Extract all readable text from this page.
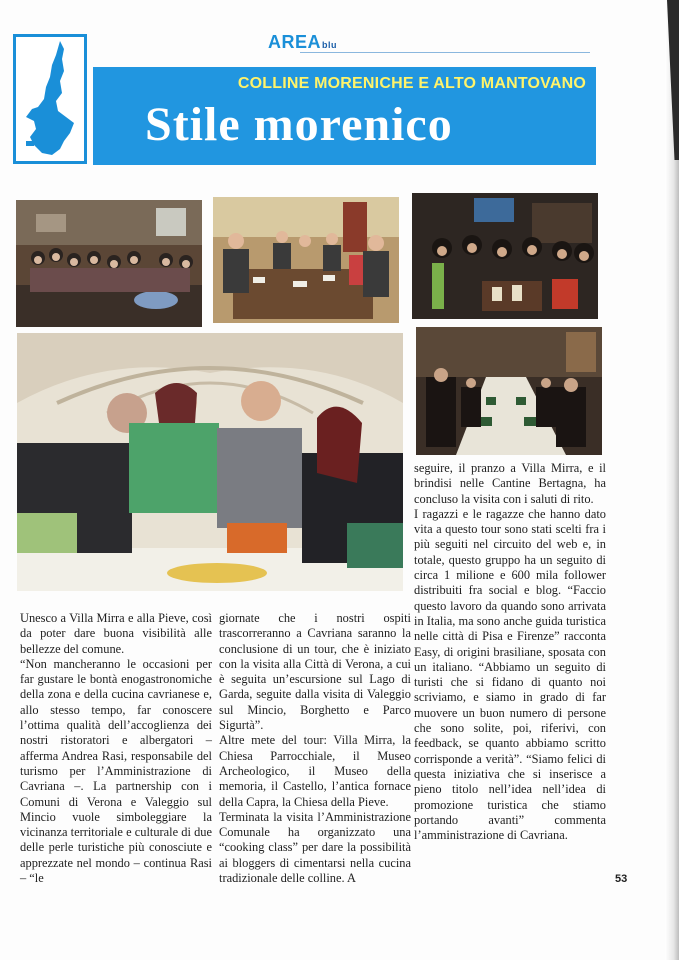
AREAblu
COLLINE MORENICHE E ALTO MANTOVANO
Stile morenico

Unesco a Villa Mirra e alla Pieve, così da poter dare buona visibilità alle bellezze del comune.

“Non mancheranno le occasioni per far gustare le bontà enogastronomiche della zona e della cucina cavrianese e, allo stesso tempo, far conoscere l’ottima qualità dell’accoglienza dei nostri ristoratori e albergatori – afferma Andrea Rasi, responsabile del turismo per l’Amministrazione di Cavriana –. La partnership con i Comuni di Verona e Valeggio sul Mincio vuole simboleggiare la vicinanza territoriale e culturale di due delle perle turistiche più conosciute e apprezzate nel mondo – continua Rasi – “le

giornate che i nostri ospiti trascorreranno a Cavriana saranno la conclusione di un tour, che è iniziato con la visita alla Città di Verona, a cui è seguita un’escursione sul Lago di Garda, seguite dalla visita di Valeggio sul Mincio, Borghetto e Parco Sigurtà”.

Altre mete del tour: Villa Mirra, la Chiesa Parrocchiale, il Museo Archeologico, il Museo della memoria, il Castello, l’antica fornace della Capra, la Chiesa della Pieve.

Terminata la visita l’Amministrazione Comunale ha organizzato una “cooking class” per dare la possibilità ai bloggers di cimentarsi nella cucina tradizionale delle colline. A

seguire, il pranzo a Villa Mirra, e il brindisi nelle Cantine Bertagna, ha concluso la visita con i saluti di rito.

I ragazzi e le ragazze che hanno dato vita a questo tour sono stati scelti fra i più seguiti nel circuito del web e, in totale, questo gruppo ha un seguito di circa 1 milione e 600 mila follower distribuiti fra social e blog. “Faccio questo lavoro da quando sono arrivata in Italia, ma sono anche guida turistica nelle città di Pisa e Firenze” racconta Easy, di origini brasiliane, sposata con un italiano. “Abbiamo un seguito di turisti che si fidano di quanto noi scriviamo, e siamo in grado di far muovere un buon numero di persone che sono solite, poi, riferivi, con feedback, se quanto abbiamo scritto corrisponde a verità”. “Siamo felici di questa iniziativa che si inserisce a pieno titolo nell’idea nell’idea di promozione turistica che stiamo portando avanti” commenta l’amministrazione di Cavriana.

53
